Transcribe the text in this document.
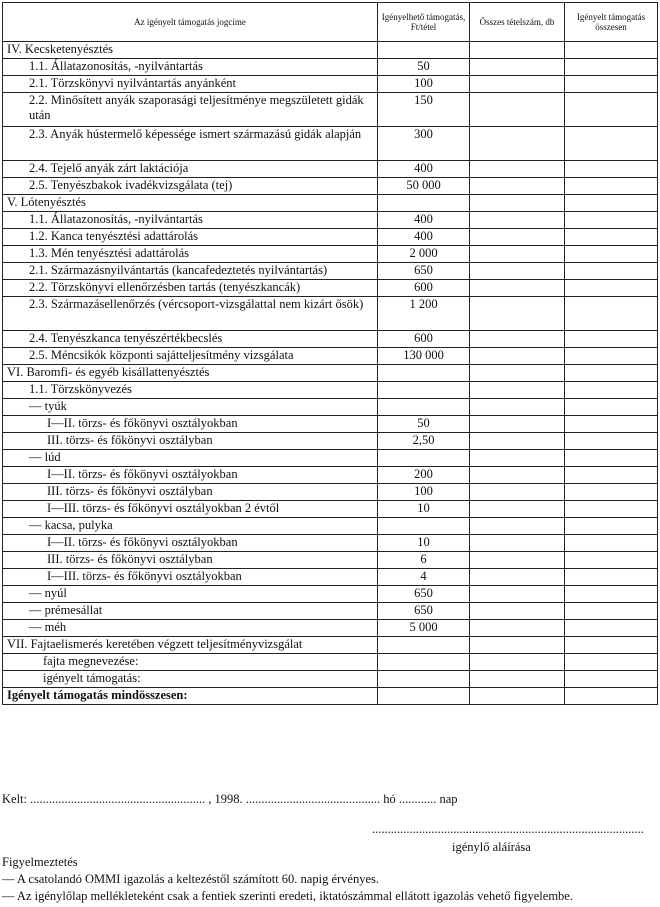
Az igényelt támogatás jogcíme	Igényelhető támogatás, Ft/tétel	Összes tételszám, db	Igényelt támogatás összesen
IV. Kecsketenyésztés			
1.1. Állatazonosítás, -nyilvántartás	50		
2.1. Törzskönyvi nyilvántartás anyánként	100		
2.2. Minősített anyák szaporasági teljesítménye megszületett gidák után	150		
2.3. Anyák hústermelő képessége ismert származású gidák alapján	300		
2.4. Tejelő anyák zárt laktációja	400		
2.5. Tenyészbakok ivadékvizsgálata (tej)	50 000		
V. Lótenyésztés			
1.1. Állatazonosítás, -nyilvántartás	400		
1.2. Kanca tenyésztési adattárolás	400		
1.3. Mén tenyésztési adattárolás	2 000		
2.1. Származásnyilvántartás (kancafedeztetés nyilvántartás)	650		
2.2. Törzskönyvi ellenőrzésben tartás (tenyészkancák)	600		
2.3. Származásellenőrzés (vércsoport-vizsgálattal nem kizárt ősök)	1 200		
2.4. Tenyészkanca tenyészértékbecslés	600		
2.5. Méncsikók központi sajátteljesítmény vizsgálata	130 000		
VI. Baromfi- és egyéb kisállattenyésztés			
1.1. Törzskönyvezés			
— tyúk			
I—II. törzs- és főkönyvi osztályokban	50		
III. törzs- és főkönyvi osztályban	2,50		
— lúd			
I—II. törzs- és főkönyvi osztályokban	200		
III. törzs- és főkönyvi osztályban	100		
I—III. törzs- és főkönyvi osztályokban 2 évtől	10		
— kacsa, pulyka			
I—II. törzs- és főkönyvi osztályokban	10		
III. törzs- és főkönyvi osztályban	6		
I—III. törzs- és főkönyvi osztályokban	4		
— nyúl	650		
— prémesállat	650		
— méh	5 000		
VII. Fajtaelismerés keretében végzett teljesítményvizsgálat			
fajta megnevezése:			
igényelt támogatás:			
Igényelt támogatás mindösszesen:			
Kelt: ........................................................ , 1998. ........................................... hó ............ nap
.......................................................................................
igénylő aláírása
Figyelmeztetés
— A csatolandó OMMI igazolás a keltezéstől számított 60. napig érvényes.
— Az igénylőlap mellékleteként csak a fentiek szerinti eredeti, iktatószámmal ellátott igazolás vehető figyelembe.
